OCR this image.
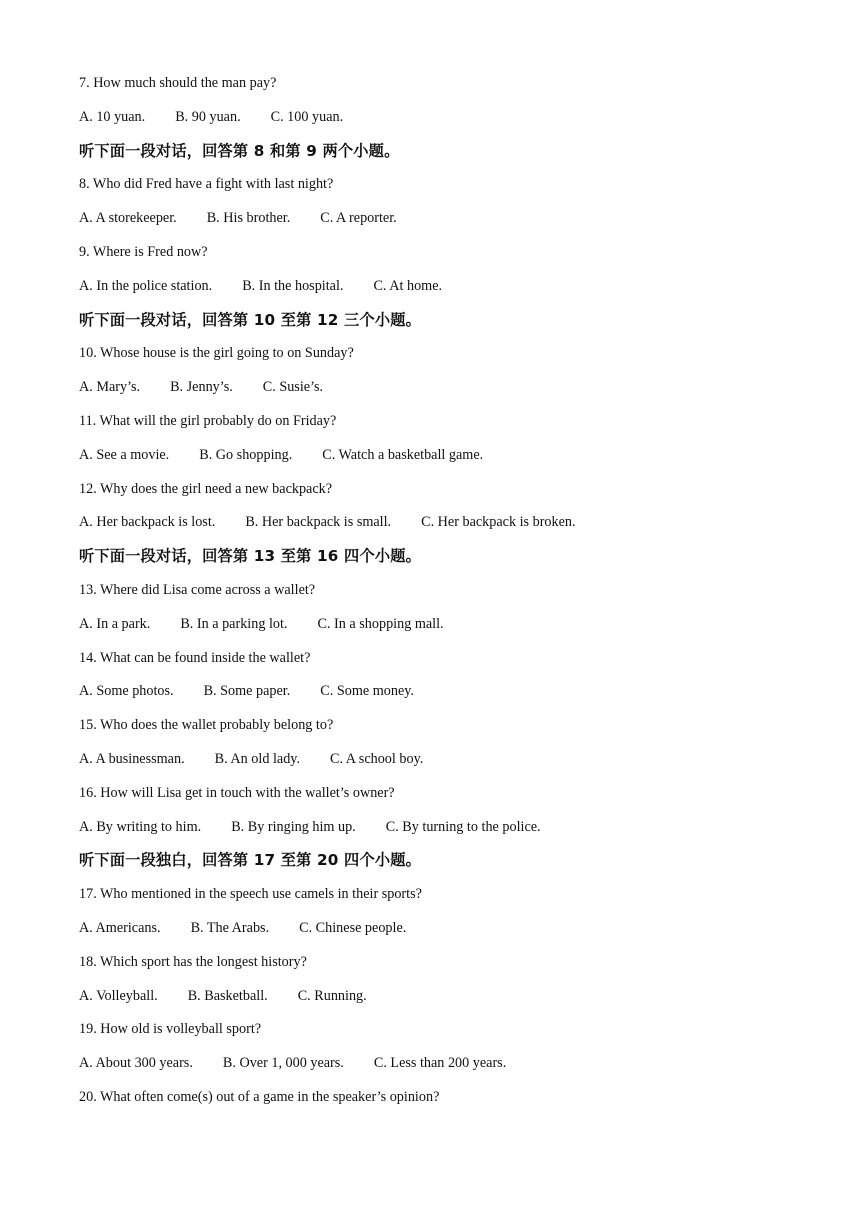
7. How much should the man pay?
A. 10 yuan. B. 90 yuan. C. 100 yuan.
听下面一段对话，回答第 8 和第 9 两个小题。
8. Who did Fred have a fight with last night?
A. A storekeeper. B. His brother. C. A reporter.
9. Where is Fred now?
A. In the police station. B. In the hospital. C. At home.
听下面一段对话，回答第 10 至第 12 三个小题。
10. Whose house is the girl going to on Sunday?
A. Mary’s. B. Jenny’s. C. Susie’s.
11. What will the girl probably do on Friday?
A. See a movie. B. Go shopping. C. Watch a basketball game.
12. Why does the girl need a new backpack?
A. Her backpack is lost. B. Her backpack is small. C. Her backpack is broken.
听下面一段对话，回答第 13 至第 16 四个小题。
13. Where did Lisa come across a wallet?
A. In a park. B. In a parking lot. C. In a shopping mall.
14. What can be found inside the wallet?
A. Some photos. B. Some paper. C. Some money.
15. Who does the wallet probably belong to?
A. A businessman. B. An old lady. C. A school boy.
16. How will Lisa get in touch with the wallet’s owner?
A. By writing to him. B. By ringing him up. C. By turning to the police.
听下面一段独白，回答第 17 至第 20 四个小题。
17. Who mentioned in the speech use camels in their sports?
A. Americans. B. The Arabs. C. Chinese people.
18. Which sport has the longest history?
A. Volleyball. B. Basketball. C. Running.
19. How old is volleyball sport?
A. About 300 years. B. Over 1, 000 years. C. Less than 200 years.
20. What often come(s) out of a game in the speaker’s opinion?
